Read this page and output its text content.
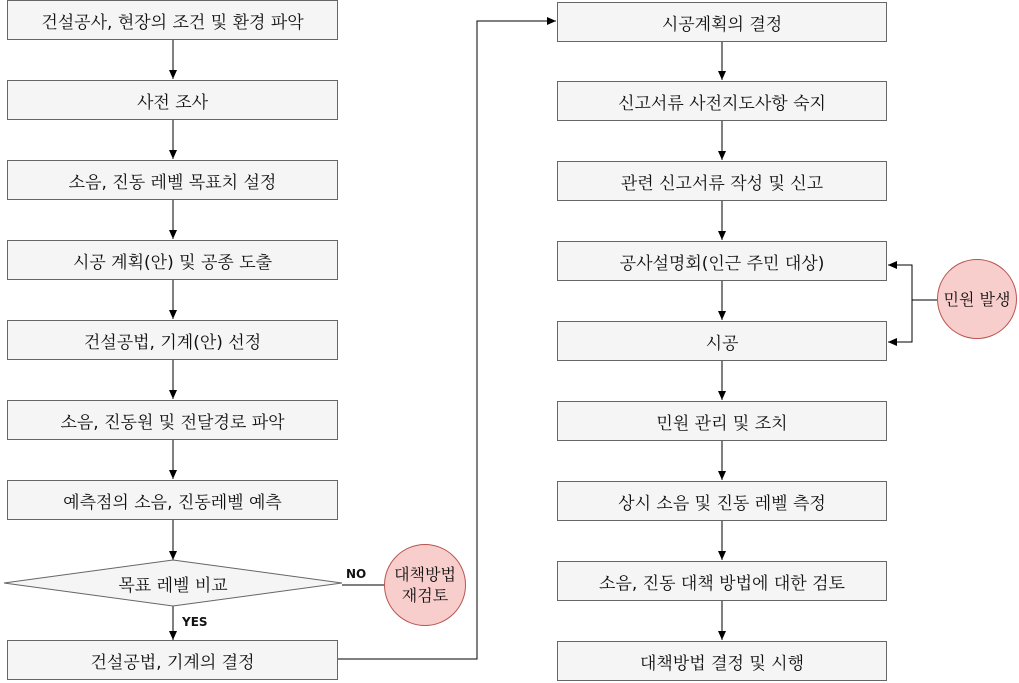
건설공사, 현장의 조건 및 환경 파악
사전 조사
소음, 진동 레벨 목표치 설정
시공 계획(안) 및 공종 도출
건설공법, 기계(안) 선정
소음, 진동원 및 전달경로 파악
예측점의 소음, 진동레벨 예측
목표 레벨 비교
NO
YES
대책방법
재검토
건설공법, 기계의 결정
시공계획의 결정
신고서류 사전지도사항 숙지
관련 신고서류 작성 및 신고
공사설명회(인근 주민 대상)
시공
민원 관리 및 조치
상시 소음 및 진동 레벨 측정
소음, 진동 대책 방법에 대한 검토
대책방법 결정 및 시행
민원 발생
